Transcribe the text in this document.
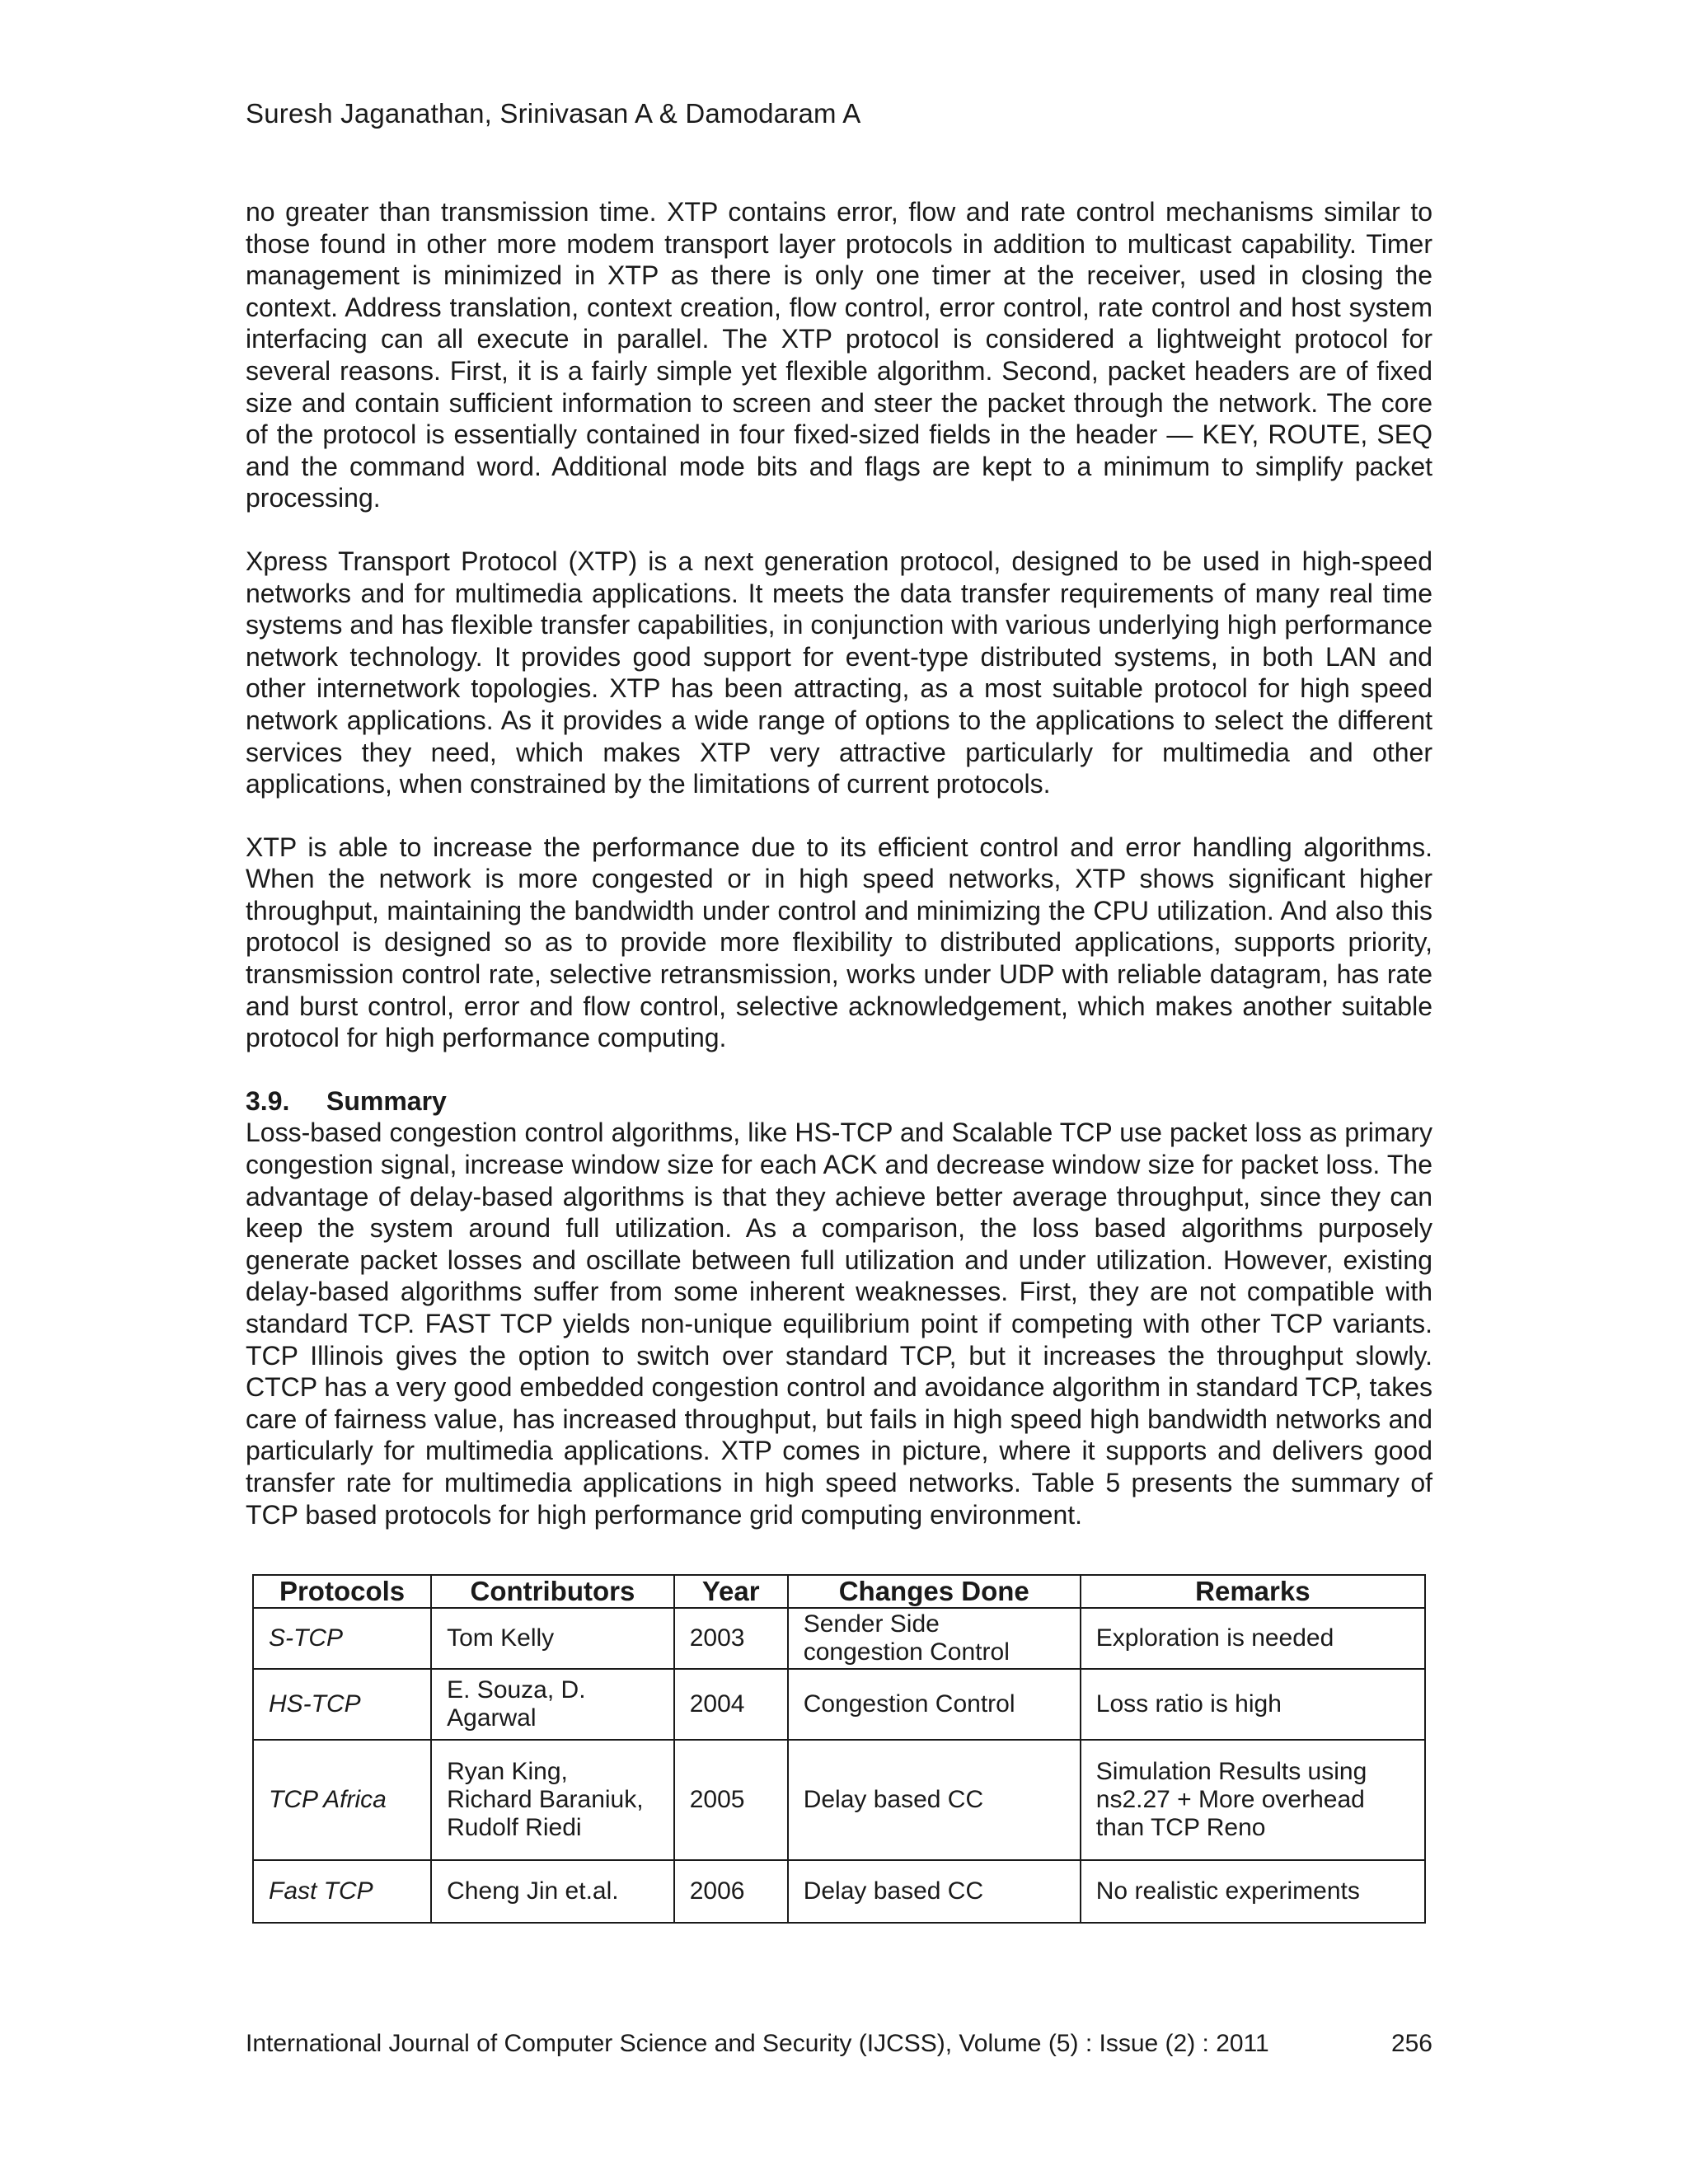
Suresh Jaganathan, Srinivasan A & Damodaram A

no greater than transmission time. XTP contains error, flow and rate control mechanisms similar to those found in other more modem transport layer protocols in addition to multicast capability. Timer management is minimized in XTP as there is only one timer at the receiver, used in closing the context. Address translation, context creation, flow control, error control, rate control and host system interfacing can all execute in parallel. The XTP protocol is considered a lightweight protocol for several reasons. First, it is a fairly simple yet flexible algorithm. Second, packet headers are of fixed size and contain sufficient information to screen and steer the packet through the network. The core of the protocol is essentially contained in four fixed-sized fields in the header — KEY, ROUTE, SEQ and the command word. Additional mode bits and flags are kept to a minimum to simplify packet processing.

Xpress Transport Protocol (XTP) is a next generation protocol, designed to be used in high-speed networks and for multimedia applications. It meets the data transfer requirements of many real time systems and has flexible transfer capabilities, in conjunction with various underlying high performance network technology. It provides good support for event-type distributed systems, in both LAN and other internetwork topologies. XTP has been attracting, as a most suitable protocol for high speed network applications. As it provides a wide range of options to the applications to select the different services they need, which makes XTP very attractive particularly for multimedia and other applications, when constrained by the limitations of current protocols.

XTP is able to increase the performance due to its efficient control and error handling algorithms. When the network is more congested or in high speed networks, XTP shows significant higher throughput, maintaining the bandwidth under control and minimizing the CPU utilization. And also this protocol is designed so as to provide more flexibility to distributed applications, supports priority, transmission control rate, selective retransmission, works under UDP with reliable datagram, has rate and burst control, error and flow control, selective acknowledgement, which makes another suitable protocol for high performance computing.

3.9. Summary

Loss-based congestion control algorithms, like HS-TCP and Scalable TCP use packet loss as primary congestion signal, increase window size for each ACK and decrease window size for packet loss. The advantage of delay-based algorithms is that they achieve better average throughput, since they can keep the system around full utilization. As a comparison, the loss based algorithms purposely generate packet losses and oscillate between full utilization and under utilization. However, existing delay-based algorithms suffer from some inherent weaknesses. First, they are not compatible with standard TCP. FAST TCP yields non-unique equilibrium point if competing with other TCP variants. TCP Illinois gives the option to switch over standard TCP, but it increases the throughput slowly. CTCP has a very good embedded congestion control and avoidance algorithm in standard TCP, takes care of fairness value, has increased throughput, but fails in high speed high bandwidth networks and particularly for multimedia applications. XTP comes in picture, where it supports and delivers good transfer rate for multimedia applications in high speed networks. Table 5 presents the summary of TCP based protocols for high performance grid computing environment.

Protocols	Contributors	Year	Changes Done	Remarks
S-TCP	Tom Kelly	2003	Sender Side congestion Control	Exploration is needed
HS-TCP	E. Souza, D. Agarwal	2004	Congestion Control	Loss ratio is high
TCP Africa	Ryan King, Richard Baraniuk, Rudolf Riedi	2005	Delay based CC	Simulation Results using ns2.27 + More overhead than TCP Reno
Fast TCP	Cheng Jin et.al.	2006	Delay based CC	No realistic experiments
International Journal of Computer Science and Security (IJCSS), Volume (5) : Issue (2) : 2011	256
